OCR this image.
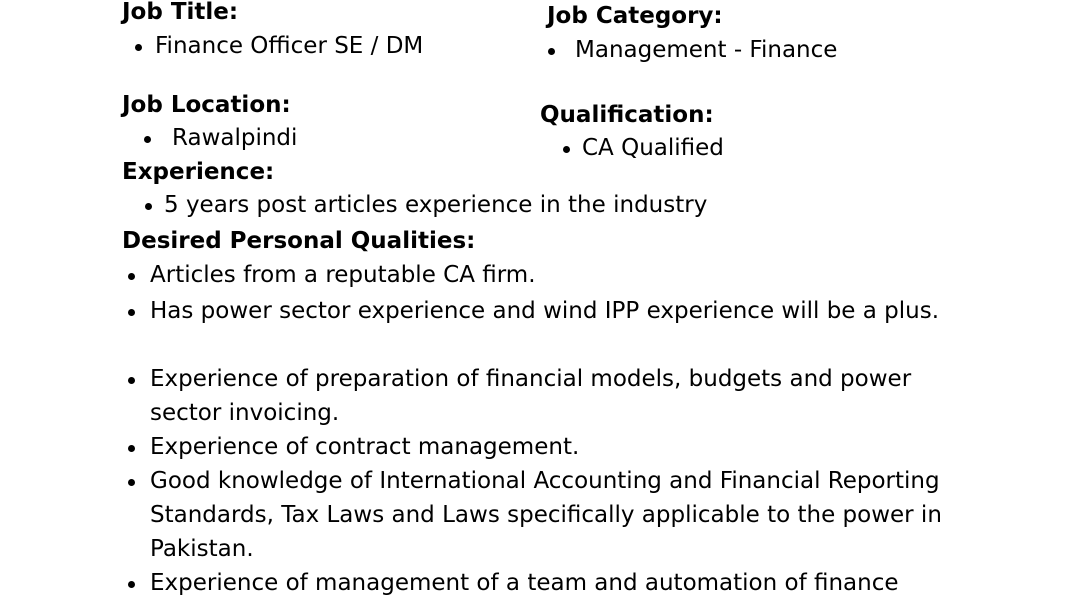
Job Title:
Finance Officer SE / DM
Job Category:
Management - Finance
Job Location:
Rawalpindi
Qualification:
CA Qualified
Experience:
5 years post articles experience in the industry
Desired Personal Qualities:
Articles from a reputable CA firm.
Has power sector experience and wind IPP experience will be a plus.
Experience of preparation of financial models, budgets and power sector invoicing.
Experience of contract management.
Good knowledge of International Accounting and Financial Reporting Standards, Tax Laws and Laws specifically applicable to the power in Pakistan.
Experience of management of a team and automation of finance
